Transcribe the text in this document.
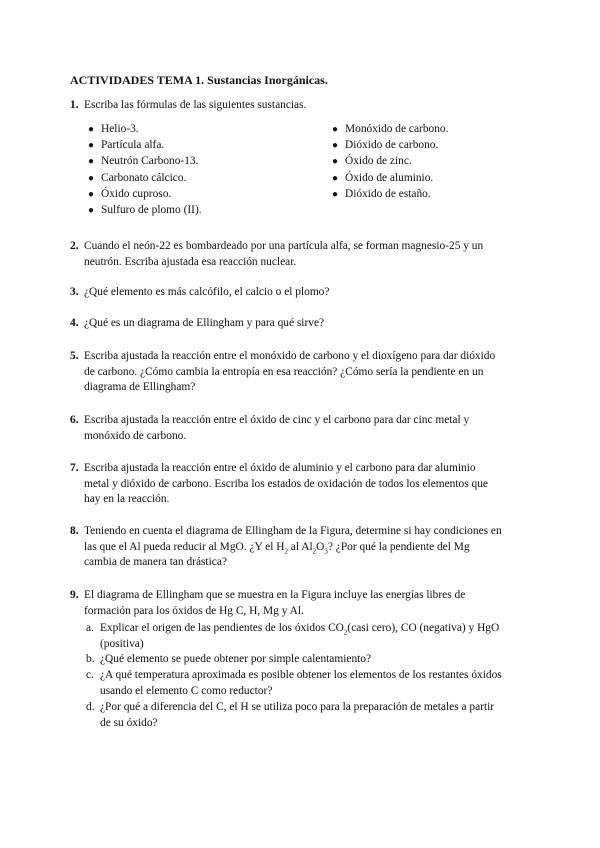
ACTIVIDADES TEMA 1. Sustancias Inorgánicas.
1. Escriba las fórmulas de las siguientes sustancias.
● Helio-3.
● Partícula alfa.
● Neutrón Carbono-13.
● Carbonato cálcico.
● Óxido cuproso.
● Sulfuro de plomo (II).
● Monóxido de carbono.
● Dióxido de carbono.
● Óxido de zinc.
● Óxido de aluminio.
● Dióxido de estaño.
2. Cuando el neón-22 es bombardeado por una partícula alfa, se forman magnesio-25 y un
neutrón. Escriba ajustada esa reacción nuclear.
3. ¿Qué elemento es más calcófilo, el calcio o el plomo?
4. ¿Qué es un diagrama de Ellingham y para qué sirve?
5. Escriba ajustada la reacción entre el monóxido de carbono y el dioxígeno para dar dióxido
de carbono. ¿Cómo cambia la entropía en esa reacción? ¿Cómo sería la pendiente en un
diagrama de Ellingham?
6. Escriba ajustada la reacción entre el óxido de cinc y el carbono para dar cinc metal y
monóxido de carbono.
7. Escriba ajustada la reacción entre el óxido de aluminio y el carbono para dar aluminio
metal y dióxido de carbono. Escriba los estados de oxidación de todos los elementos que
hay en la reacción.
8. Teniendo en cuenta el diagrama de Ellingham de la Figura, determine si hay condiciones en
las que el Al pueda reducir al MgO. ¿Y el $H_2$ al $Al_2O_3$? ¿Por qué la pendiente del Mg
cambia de manera tan drástica?
9. El diagrama de Ellingham que se muestra en la Figura incluye las energías libres de
formación para los óxidos de Hg C, H, Mg y Al.
a. Explicar el origen de las pendientes de los óxidos $CO_2(casi$ cero), CO (negativa) y HgO
(positiva)
b. ¿Qué elemento se puede obtener por simple calentamiento?
c. ¿A qué temperatura aproximada es posible obtener los elementos de los restantes óxidos
usando el elemento C como reductor?
d. ¿Por qué a diferencia del C, el H se utiliza poco para la preparación de metales a partir
de su óxido?
